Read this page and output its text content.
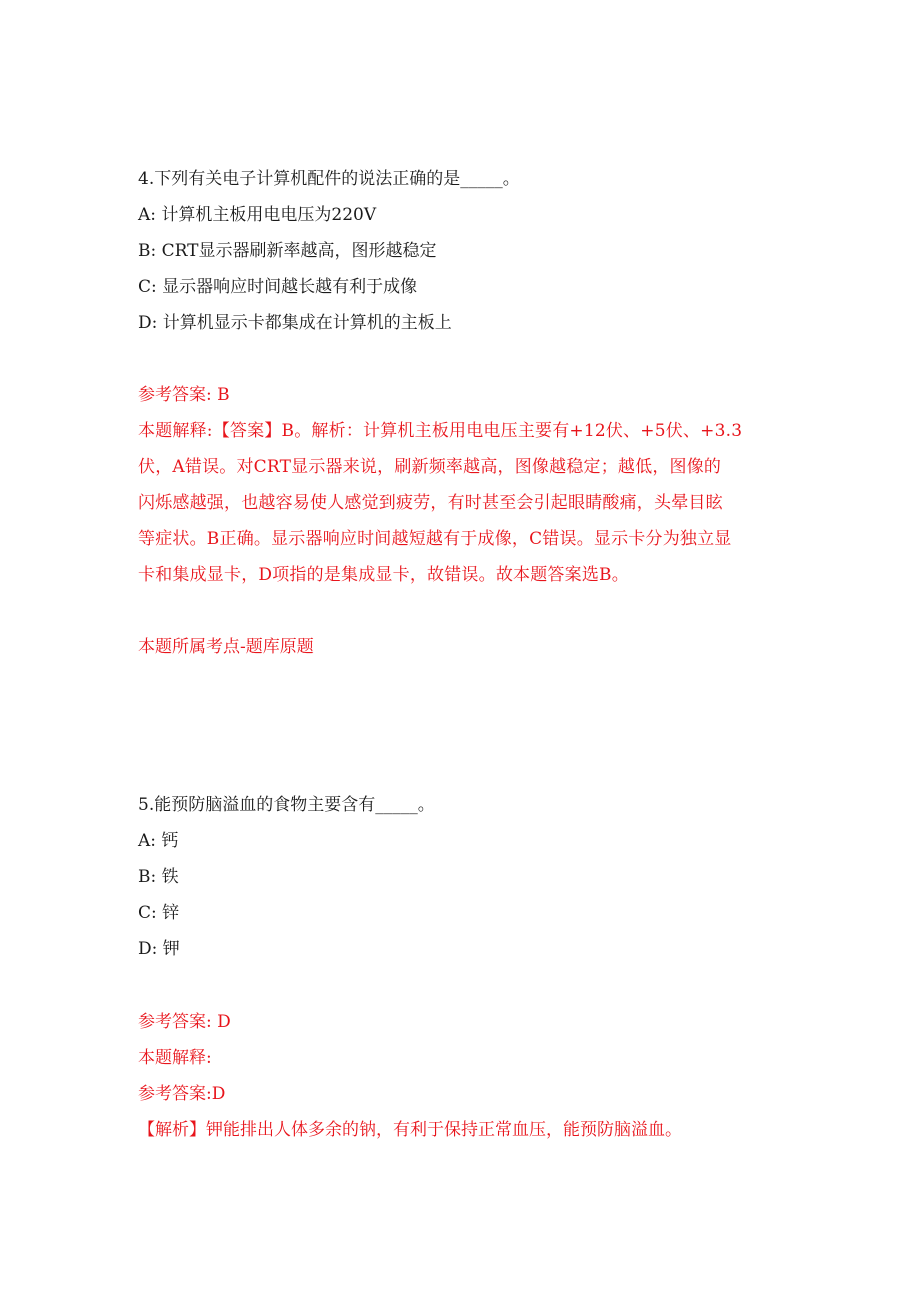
4.下列有关电子计算机配件的说法正确的是_____。
A: 计算机主板用电电压为220V
B: CRT显示器刷新率越高，图形越稳定
C: 显示器响应时间越长越有利于成像
D: 计算机显示卡都集成在计算机的主板上
参考答案: B

本题解释:【答案】B。解析：计算机主板用电电压主要有+12伏、+5伏、+3.3

伏，A错误。对CRT显示器来说，刷新频率越高，图像越稳定；越低，图像的

闪烁感越强，也越容易使人感觉到疲劳，有时甚至会引起眼睛酸痛，头晕目眩

等症状。B正确。显示器响应时间越短越有于成像，C错误。显示卡分为独立显

卡和集成显卡，D项指的是集成显卡，故错误。故本题答案选B。

本题所属考点-题库原题
5.能预防脑溢血的食物主要含有_____。
A: 钙
B: 铁
C: 锌
D: 钾
参考答案: D
本题解释:
参考答案:D
【解析】钾能排出人体多余的钠，有利于保持正常血压，能预防脑溢血。
